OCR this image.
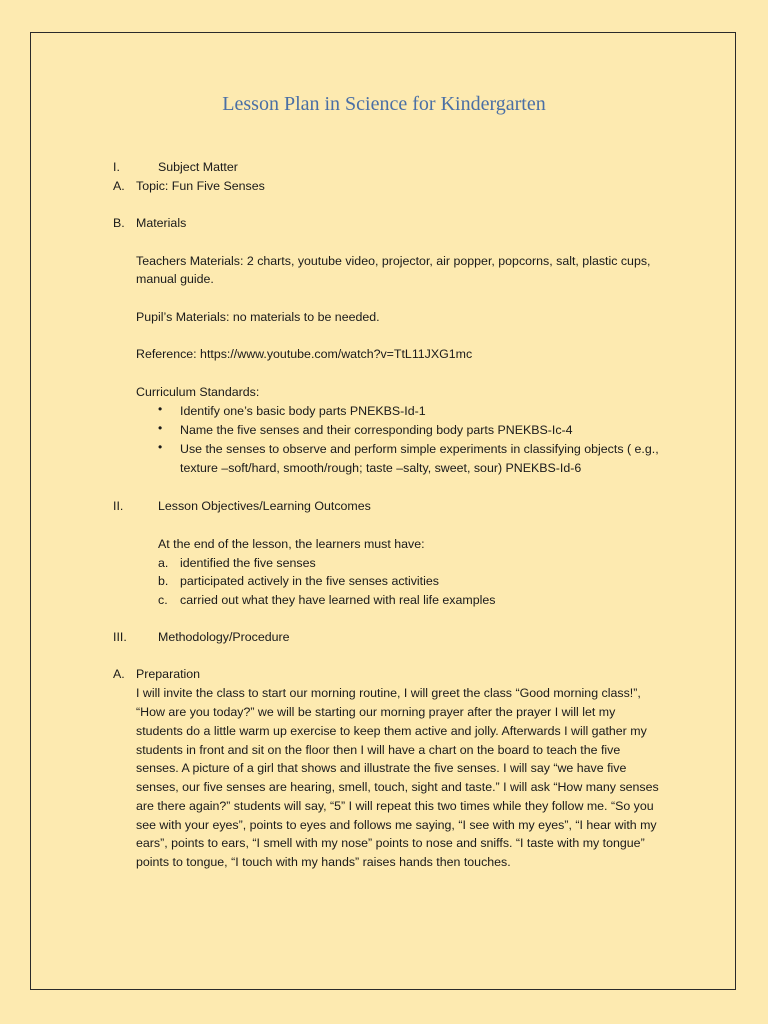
Lesson Plan in Science for Kindergarten
I.	Subject Matter
A. Topic: Fun Five Senses
B. Materials
Teachers Materials: 2 charts, youtube video, projector, air popper, popcorns, salt, plastic cups,
manual guide.
Pupil’s Materials: no materials to be needed.
Reference: https://www.youtube.com/watch?v=TtL11JXG1mc
Curriculum Standards:
• Identify one’s basic body parts PNEKBS-Id-1
• Name the five senses and their corresponding body parts PNEKBS-Ic-4
• Use the senses to observe and perform simple experiments in classifying objects ( e.g.,
texture –soft/hard, smooth/rough; taste –salty, sweet, sour) PNEKBS-Id-6
II.	Lesson Objectives/Learning Outcomes
At the end of the lesson, the learners must have:
a. identified the five senses
b. participated actively in the five senses activities
c. carried out what they have learned with real life examples
III.	Methodology/Procedure
A. Preparation
I will invite the class to start our morning routine, I will greet the class “Good morning class!”,
“How are you today?” we will be starting our morning prayer after the prayer I will let my
students do a little warm up exercise to keep them active and jolly. Afterwards I will gather my
students in front and sit on the floor then I will have a chart on the board to teach the five
senses. A picture of a girl that shows and illustrate the five senses. I will say “we have five
senses, our five senses are hearing, smell, touch, sight and taste.” I will ask “How many senses
are there again?” students will say, “5” I will repeat this two times while they follow me. “So you
see with your eyes”, points to eyes and follows me saying, “I see with my eyes”, “I hear with my
ears”, points to ears, “I smell with my nose” points to nose and sniffs. “I taste with my tongue”
points to tongue, “I touch with my hands” raises hands then touches.
